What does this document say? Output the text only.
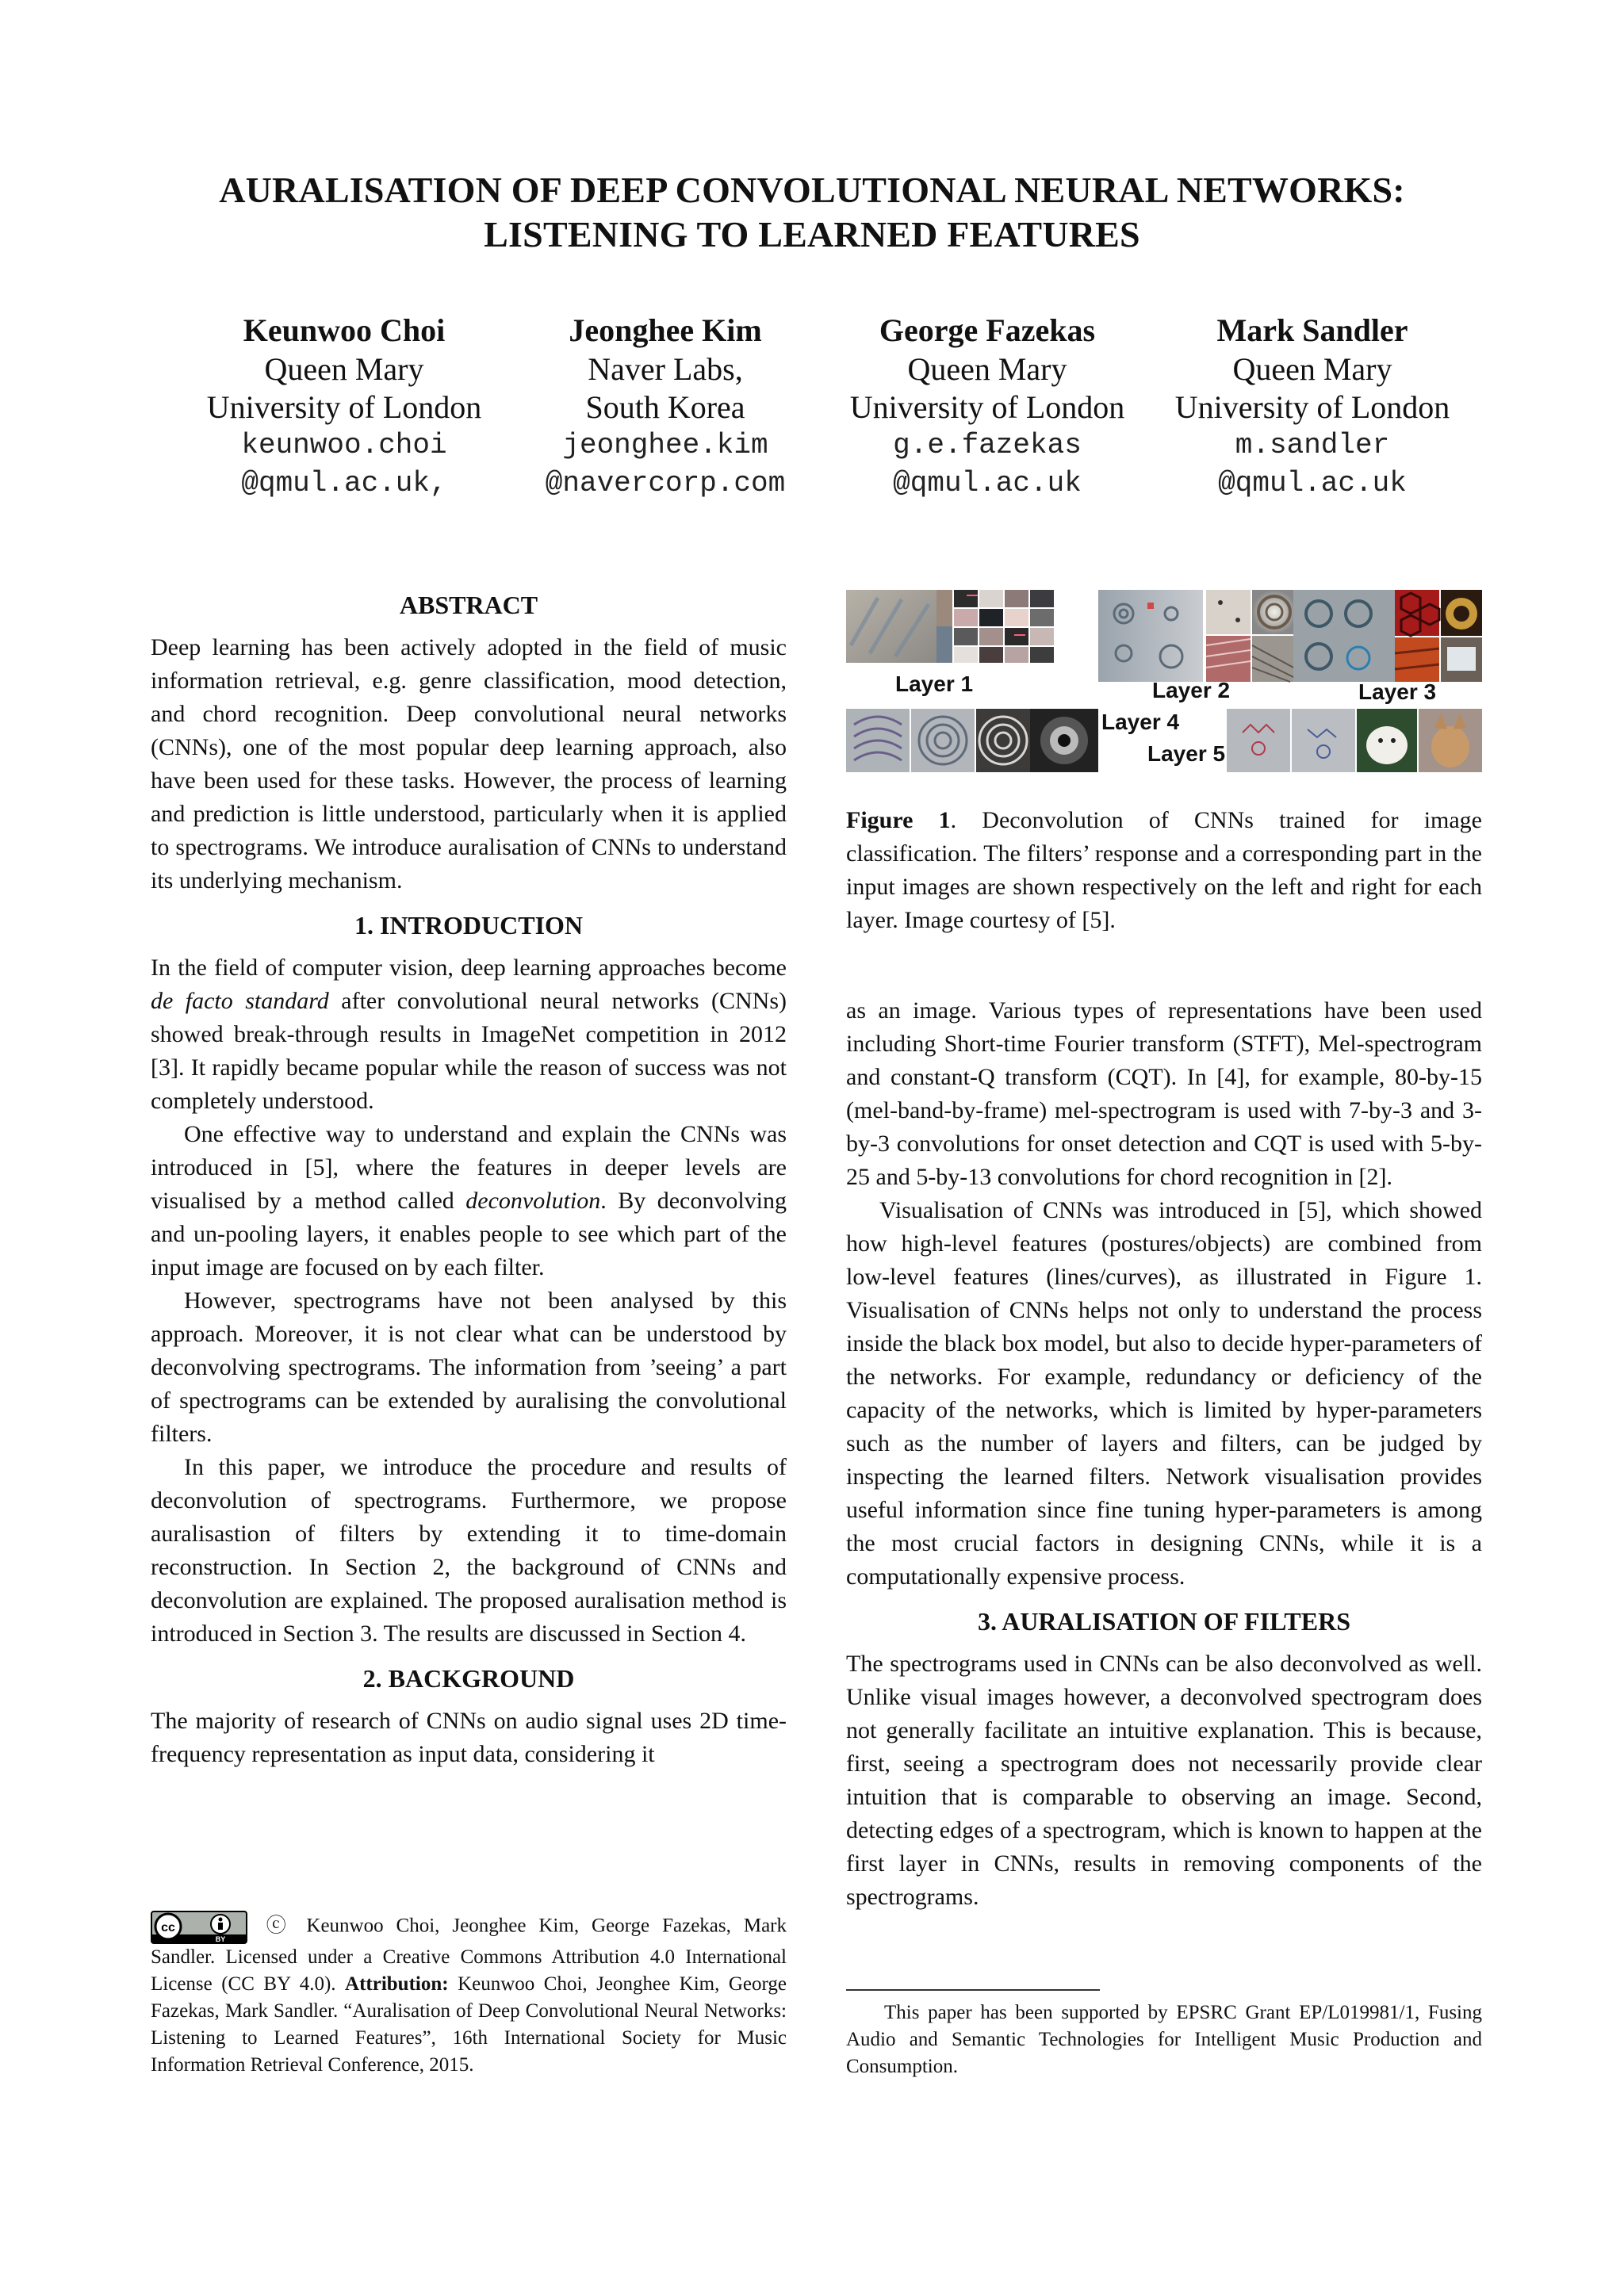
AURALISATION OF DEEP CONVOLUTIONAL NEURAL NETWORKS:
LISTENING TO LEARNED FEATURES
Keunwoo Choi
Queen Mary
University of London
keunwoo.choi
@qmul.ac.uk,
Jeonghee Kim
Naver Labs,
South Korea
jeonghee.kim
@navercorp.com
George Fazekas
Queen Mary
University of London
g.e.fazekas
@qmul.ac.uk
Mark Sandler
Queen Mary
University of London
m.sandler
@qmul.ac.uk
ABSTRACT

Deep learning has been actively adopted in the field of music information retrieval, e.g. genre classification, mood detection, and chord recognition. Deep convolutional neural networks (CNNs), one of the most popular deep learning approach, also have been used for these tasks. However, the process of learning and prediction is little understood, particularly when it is applied to spectrograms. We introduce auralisation of CNNs to understand its underlying mechanism.

1. INTRODUCTION

In the field of computer vision, deep learning approaches become de facto standard after convolutional neural networks (CNNs) showed break-through results in ImageNet competition in 2012 [3]. It rapidly became popular while the reason of success was not completely understood.

One effective way to understand and explain the CNNs was introduced in [5], where the features in deeper levels are visualised by a method called deconvolution. By deconvolving and un-pooling layers, it enables people to see which part of the input image are focused on by each filter.

However, spectrograms have not been analysed by this approach. Moreover, it is not clear what can be understood by deconvolving spectrograms. The information from ’seeing’ a part of spectrograms can be extended by auralising the convolutional filters.

In this paper, we introduce the procedure and results of deconvolution of spectrograms. Furthermore, we propose auralisastion of filters by extending it to time-domain reconstruction. In Section 2, the background of CNNs and deconvolution are explained. The proposed auralisation method is introduced in Section 3. The results are discussed in Section 4.

2. BACKGROUND

The majority of research of CNNs on audio signal uses 2D time-frequency representation as input data, considering it

cc
BY
ⓒ Keunwoo Choi, Jeonghee Kim, George Fazekas, Mark Sandler. Licensed under a Creative Commons Attribution 4.0 International License (CC BY 4.0). Attribution: Keunwoo Choi, Jeonghee Kim, George Fazekas, Mark Sandler. “Auralisation of Deep Convolutional Neural Networks: Listening to Learned Features”, 16th International Society for Music Information Retrieval Conference, 2015.

Layer 1	Layer 2	Layer 3
Layer 4
Layer 5
Figure 1. Deconvolution of CNNs trained for image classification. The filters’ response and a corresponding part in the input images are shown respectively on the left and right for each layer. Image courtesy of [5].

as an image. Various types of representations have been used including Short-time Fourier transform (STFT), Mel-spectrogram and constant-Q transform (CQT). In [4], for example, 80-by-15 (mel-band-by-frame) mel-spectrogram is used with 7-by-3 and 3-by-3 convolutions for onset detection and CQT is used with 5-by-25 and 5-by-13 convolutions for chord recognition in [2].

Visualisation of CNNs was introduced in [5], which showed how high-level features (postures/objects) are combined from low-level features (lines/curves), as illustrated in Figure 1. Visualisation of CNNs helps not only to understand the process inside the black box model, but also to decide hyper-parameters of the networks. For example, redundancy or deficiency of the capacity of the networks, which is limited by hyper-parameters such as the number of layers and filters, can be judged by inspecting the learned filters. Network visualisation provides useful information since fine tuning hyper-parameters is among the most crucial factors in designing CNNs, while it is a computationally expensive process.

3. AURALISATION OF FILTERS

The spectrograms used in CNNs can be also deconvolved as well. Unlike visual images however, a deconvolved spectrogram does not generally facilitate an intuitive explanation. This is because, first, seeing a spectrogram does not necessarily provide clear intuition that is comparable to observing an image. Second, detecting edges of a spectrogram, which is known to happen at the first layer in CNNs, results in removing components of the spectrograms.

This paper has been supported by EPSRC Grant EP/L019981/1, Fusing Audio and Semantic Technologies for Intelligent Music Production and Consumption.
